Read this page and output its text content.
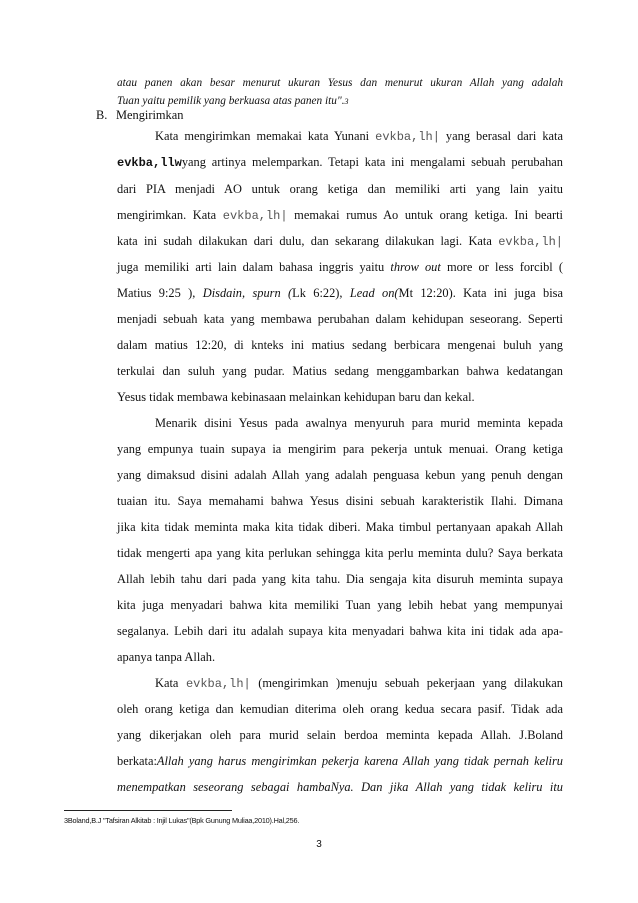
atau panen akan besar menurut ukuran Yesus dan menurut ukuran Allah yang adalah
Tuan yaitu pemilik yang berkuasa atas panen itu".3
B. Mengirimkan
Kata mengirimkan memakai kata Yunani evkba,lh| yang berasal dari kata
evkba,llwyang artinya melemparkan. Tetapi kata ini mengalami sebuah perubahan
dari PIA menjadi AO untuk orang ketiga dan memiliki arti yang lain yaitu
mengirimkan. Kata evkba,lh| memakai rumus Ao untuk orang ketiga. Ini bearti
kata ini sudah dilakukan dari dulu, dan sekarang dilakukan lagi. Kata evkba,lh|
juga memiliki arti lain dalam bahasa inggris yaitu throw out more or less forcibl (
Matius 9:25 ), Disdain, spurn (Lk 6:22), Lead on(Mt 12:20). Kata ini juga bisa
menjadi sebuah kata yang membawa perubahan dalam kehidupan seseorang. Seperti
dalam matius 12:20, di knteks ini matius sedang berbicara mengenai buluh yang
terkulai dan suluh yang pudar. Matius sedang menggambarkan bahwa kedatangan
Yesus tidak membawa kebinasaan melainkan kehidupan baru dan kekal.
Menarik disini Yesus pada awalnya menyuruh para murid meminta kepada
yang empunya tuain supaya ia mengirim para pekerja untuk menuai. Orang ketiga
yang dimaksud disini adalah Allah yang adalah penguasa kebun yang penuh dengan
tuaian itu. Saya memahami bahwa Yesus disini sebuah karakteristik Ilahi. Dimana
jika kita tidak meminta maka kita tidak diberi. Maka timbul pertanyaan apakah Allah
tidak mengerti apa yang kita perlukan sehingga kita perlu meminta dulu? Saya berkata
Allah lebih tahu dari pada yang kita tahu. Dia sengaja kita disuruh meminta supaya
kita juga menyadari bahwa kita memiliki Tuan yang lebih hebat yang mempunyai
segalanya. Lebih dari itu adalah supaya kita menyadari bahwa kita ini tidak ada apa-
apanya tanpa Allah.
Kata evkba,lh| (mengirimkan )menuju sebuah pekerjaan yang dilakukan
oleh orang ketiga dan kemudian diterima oleh orang kedua secara pasif. Tidak ada
yang dikerjakan oleh para murid selain berdoa meminta kepada Allah. J.Boland
berkata:Allah yang harus mengirimkan pekerja karena Allah yang tidak pernah keliru
menempatkan seseorang sebagai hambaNya. Dan jika Allah yang tidak keliru itu
3Boland,B.J "Tafsiran Alkitab : Injil Lukas"(Bpk Gunung Muliaa,2010).Hal,256.
3
